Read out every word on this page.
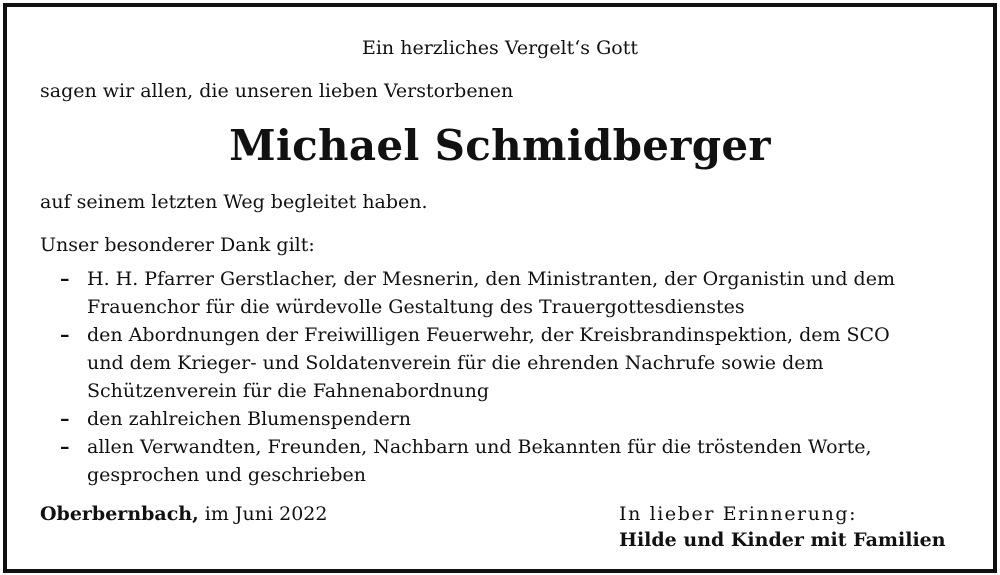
Ein herzliches Vergelt‘s Gott
sagen wir allen, die unseren lieben Verstorbenen
Michael Schmidberger
auf seinem letzten Weg begleitet haben.
Unser besonderer Dank gilt:
– H. H. Pfarrer Gerstlacher, der Mesnerin, den Ministranten, der Organistin und dem
Frauenchor für die würdevolle Gestaltung des Trauergottesdienstes
– den Abordnungen der Freiwilligen Feuerwehr, der Kreisbrandinspektion, dem SCO
und dem Krieger- und Soldatenverein für die ehrenden Nachrufe sowie dem
Schützenverein für die Fahnenabordnung
– den zahlreichen Blumenspendern
– allen Verwandten, Freunden, Nachbarn und Bekannten für die tröstenden Worte,
gesprochen und geschrieben
Oberbernbach, im Juni 2022	In lieber Erinnerung:
Hilde und Kinder mit Familien
